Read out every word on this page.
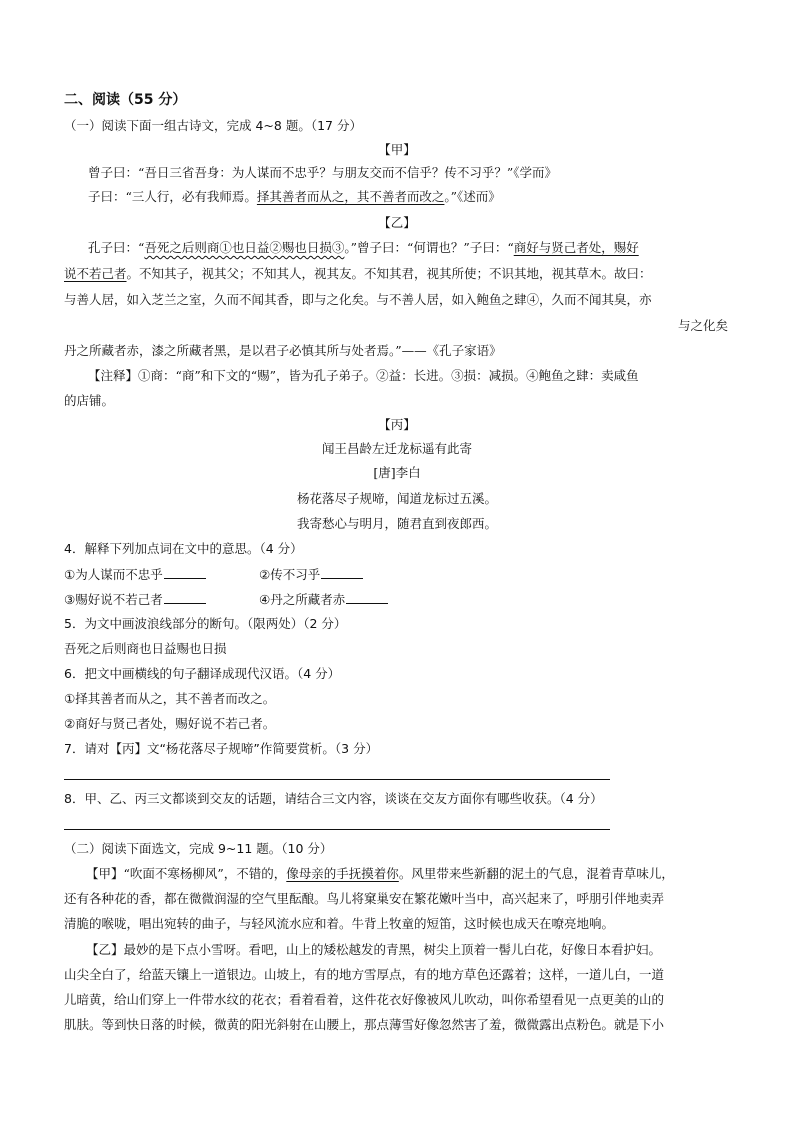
二、阅读（55 分）
（一）阅读下面一组古诗文，完成 4~8 题。（17 分）
【甲】
曾子曰：“吾日三省吾身：为人谋而不忠乎？与朋友交而不信乎？传不习乎？”《学而》
子曰：“三人行，必有我师焉。择其善者而从之，其不善者而改之。”《述而》
【乙】
孔子曰：“吾死之后则商①也日益②赐也日损③。”曾子曰：“何谓也？”子曰：“商好与贤己者处，赐好
说不若己者。不知其子，视其父；不知其人，视其友。不知其君，视其所使；不识其地，视其草木。故曰：
与善人居，如入芝兰之室，久而不闻其香，即与之化矣。与不善人居，如入鲍鱼之肆④，久而不闻其臭，亦
与之化矣
丹之所藏者赤，漆之所藏者黑，是以君子必慎其所与处者焉。”——《孔子家语》
【注释】①商：“商”和下文的“赐”，皆为孔子弟子。②益：长进。③损：减损。④鲍鱼之肆：卖咸鱼
的店铺。
【丙】
闻王昌龄左迁龙标遥有此寄
[唐]李白
杨花落尽子规啼，闻道龙标过五溪。
我寄愁心与明月，随君直到夜郎西。
4．解释下列加点词在文中的意思。（4 分）
①为人谋而不忠乎	②传不习乎
③赐好说不若己者	④丹之所藏者赤
5．为文中画波浪线部分的断句。（限两处）（2 分）
吾死之后则商也日益赐也日损
6．把文中画横线的句子翻译成现代汉语。（4 分）
①择其善者而从之，其不善者而改之。
②商好与贤己者处，赐好说不若己者。
7．请对【丙】文“杨花落尽子规啼”作简要赏析。（3 分）
8．甲、乙、丙三文都谈到交友的话题，请结合三文内容，谈谈在交友方面你有哪些收获。（4 分）
（二）阅读下面选文，完成 9~11 题。（10 分）
【甲】“吹面不寒杨柳风”，不错的，像母亲的手抚摸着你。风里带来些新翻的泥土的气息，混着青草味儿，
还有各种花的香，都在微微润湿的空气里酝酿。鸟儿将窠巢安在繁花嫩叶当中，高兴起来了，呼朋引伴地卖弄
清脆的喉咙，唱出宛转的曲子，与轻风流水应和着。牛背上牧童的短笛，这时候也成天在嘹亮地响。
【乙】最妙的是下点小雪呀。看吧，山上的矮松越发的青黑，树尖上顶着一髻儿白花，好像日本看护妇。
山尖全白了，给蓝天镶上一道银边。山坡上，有的地方雪厚点，有的地方草色还露着；这样，一道儿白，一道
儿暗黄，给山们穿上一件带水纹的花衣；看着看着，这件花衣好像被风儿吹动，叫你希望看见一点更美的山的
肌肤。等到快日落的时候，微黄的阳光斜射在山腰上，那点薄雪好像忽然害了羞，微微露出点粉色。就是下小
